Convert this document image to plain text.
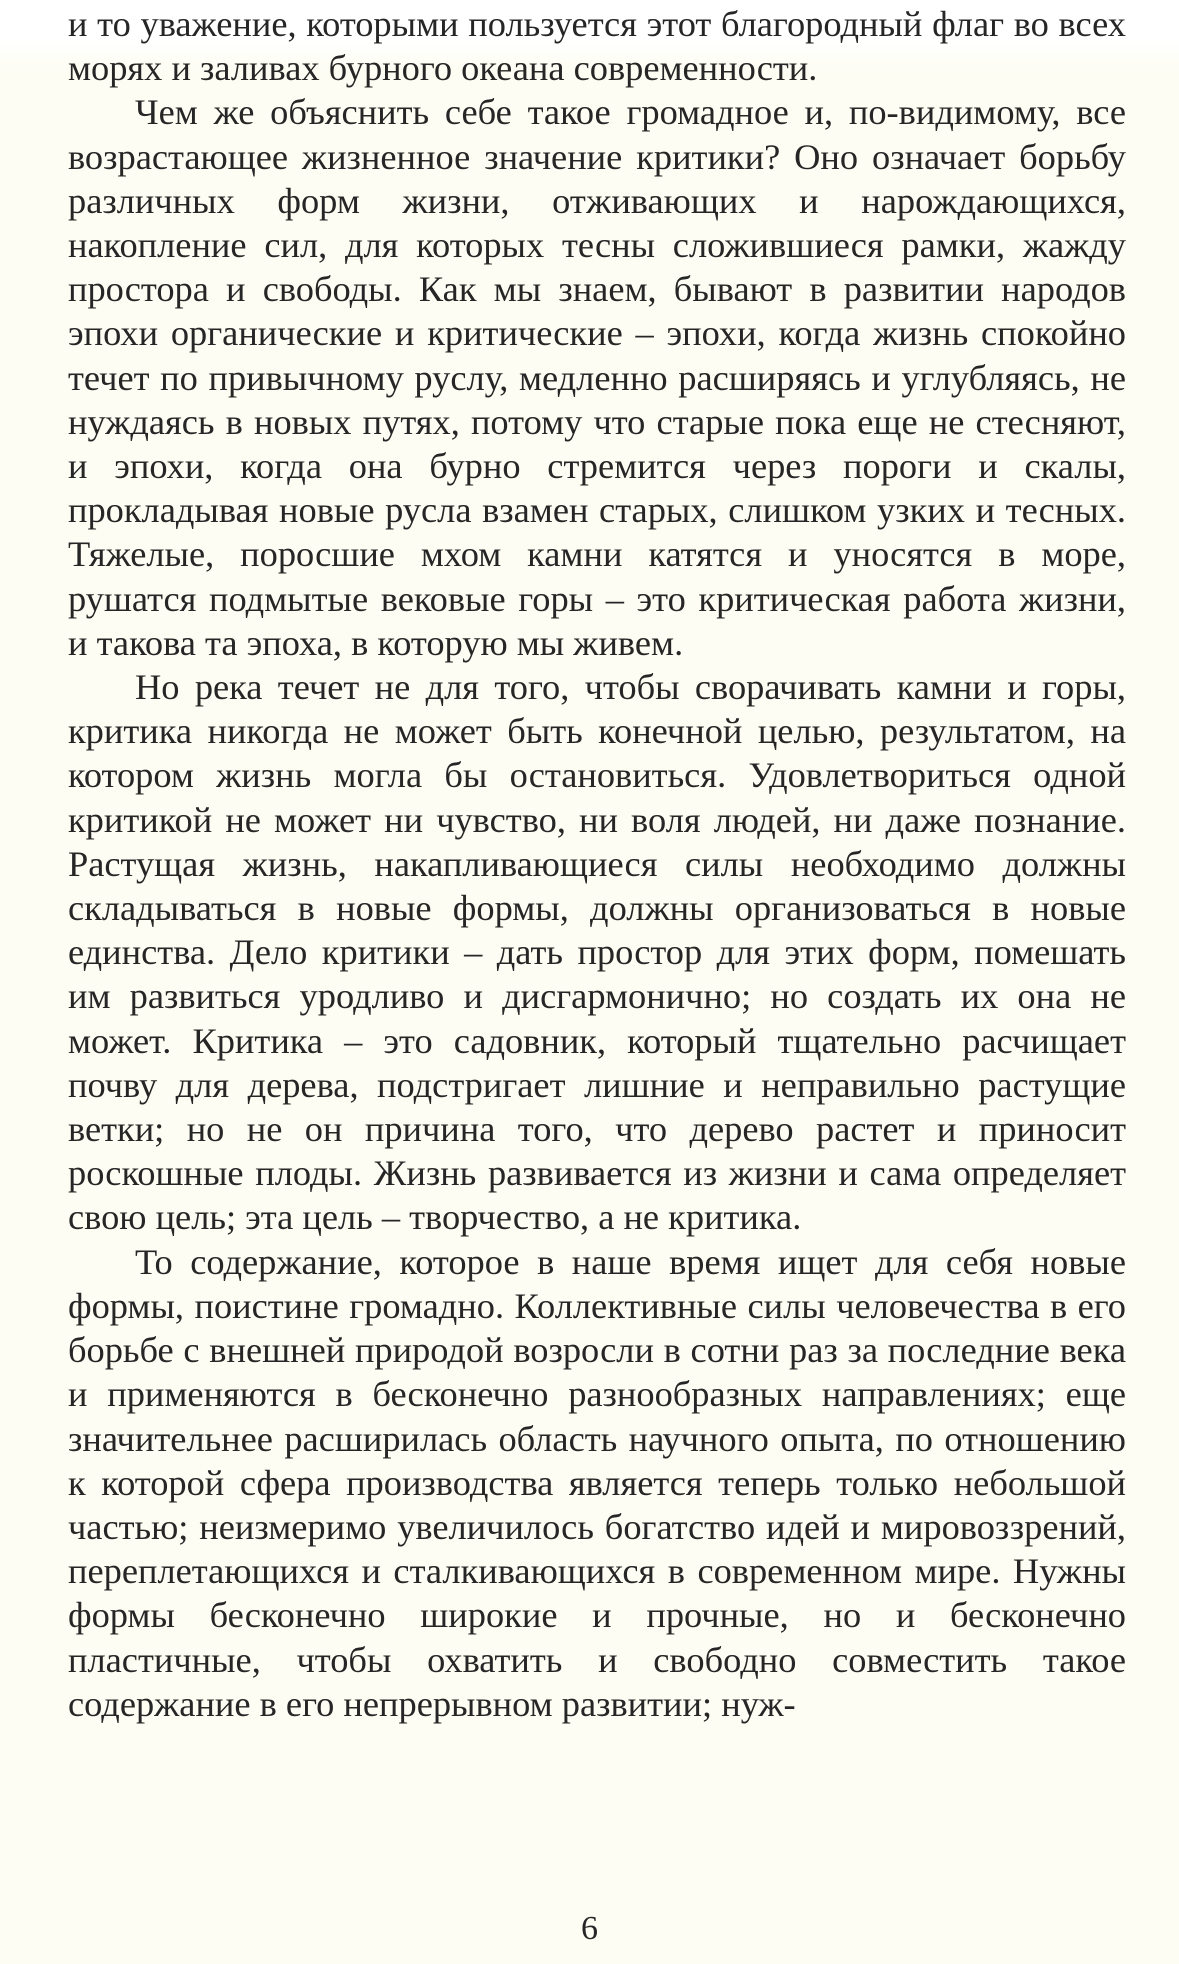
и то уважение, которыми пользуется этот благородный флаг во всех морях и заливах бурного океана современности.

Чем же объяснить себе такое громадное и, по-видимому, все возрастающее жизненное значение критики? Оно означает борьбу различных форм жизни, отживающих и нарождающихся, накопление сил, для которых тесны сложившиеся рамки, жажду простора и свободы. Как мы знаем, бывают в развитии народов эпохи органические и критические – эпохи, когда жизнь спокойно течет по привычному руслу, медленно расширяясь и углубляясь, не нуждаясь в новых путях, потому что старые пока еще не стесняют, и эпохи, когда она бурно стремится через пороги и скалы, прокладывая новые русла взамен старых, слишком узких и тесных. Тяжелые, поросшие мхом камни катятся и уносятся в море, рушатся подмытые вековые горы – это критическая работа жизни, и такова та эпоха, в которую мы живем.

Но река течет не для того, чтобы сворачивать камни и горы, критика никогда не может быть конечной целью, результатом, на котором жизнь могла бы остановиться. Удовлетвориться одной критикой не может ни чувство, ни воля людей, ни даже познание. Растущая жизнь, накапливающиеся силы необходимо должны складываться в новые формы, должны организоваться в новые единства. Дело критики – дать простор для этих форм, помешать им развиться уродливо и дисгармонично; но создать их она не может. Критика – это садовник, который тщательно расчищает почву для дерева, подстригает лишние и неправильно растущие ветки; но не он причина того, что дерево растет и приносит роскошные плоды. Жизнь развивается из жизни и сама определяет свою цель; эта цель – творчество, а не критика.

То содержание, которое в наше время ищет для себя новые формы, поистине громадно. Коллективные силы человечества в его борьбе с внешней природой возросли в сотни раз за последние века и применяются в бесконечно разнообразных направлениях; еще значительнее расширилась область научного опыта, по отношению к которой сфера производства является теперь только небольшой частью; неизмеримо увеличилось богатство идей и мировоззрений, переплетающихся и сталкивающихся в современном мире. Нужны формы бесконечно широкие и прочные, но и бесконечно пластичные, чтобы охватить и свободно совместить такое содержание в его непрерывном развитии; нуж-

6
